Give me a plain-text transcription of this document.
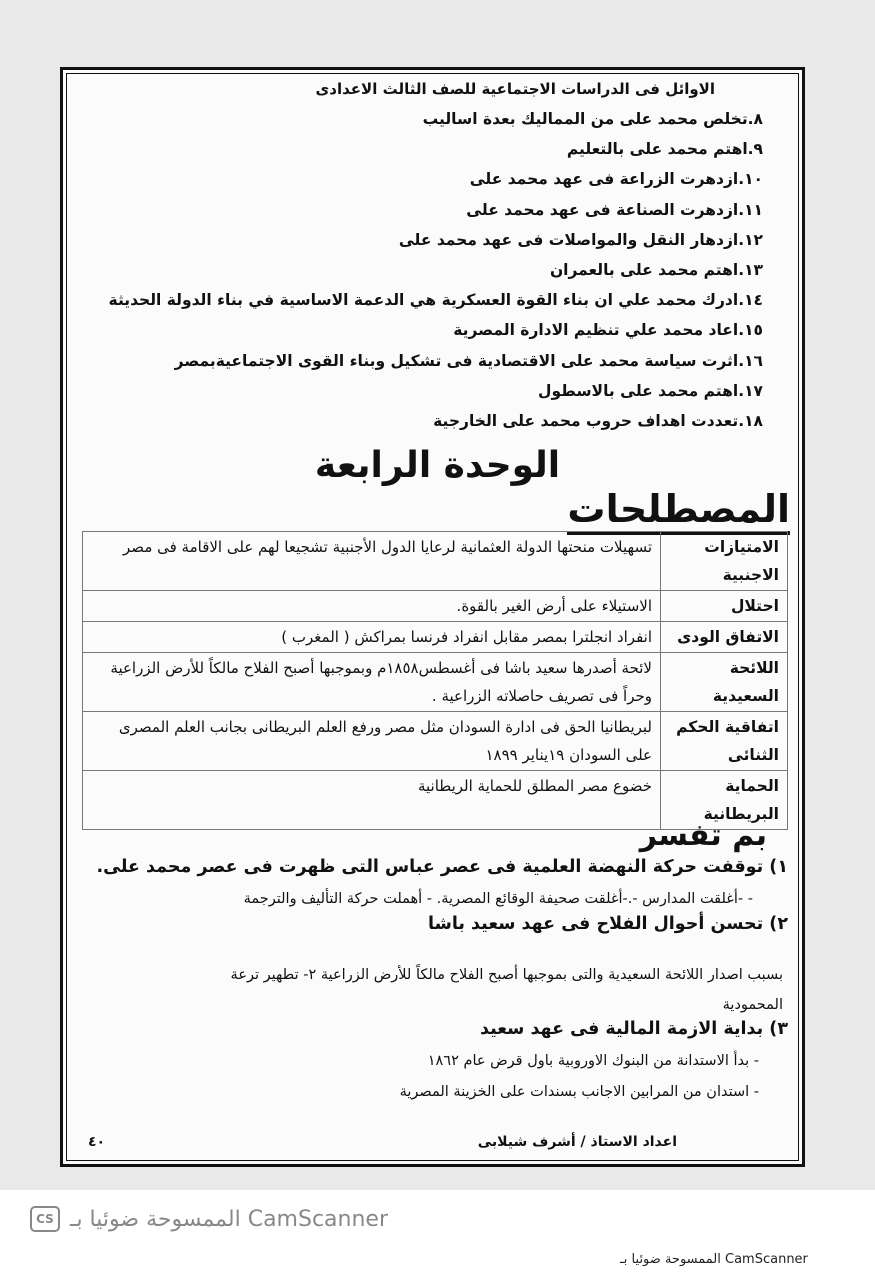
الاوائل فى الدراسات الاجتماعية للصف الثالث الاعدادى
٨.تخلص محمد على من المماليك بعدة اساليب
٩.اهتم محمد على بالتعليم
١٠.ازدهرت الزراعة فى عهد محمد على
١١.ازدهرت الصناعة فى عهد محمد على
١٢.ازدهار النقل والمواصلات فى عهد محمد على
١٣.اهتم محمد على بالعمران
١٤.ادرك محمد علي ان بناء القوة العسكرية هي الدعمة الاساسية في بناء الدولة الحديثة
١٥.اعاد محمد علي تنظيم الادارة المصرية
١٦.اثرت سياسة محمد على الاقتصادية فى تشكيل وبناء القوى الاجتماعيةبمصر
١٧.اهتم محمد على بالاسطول
١٨.تعددت اهداف حروب محمد على الخارجية
الوحدة الرابعة
المصطلحات
الامتيازات الاجنبية	تسهيلات منحتها الدولة العثمانية لرعايا الدول الأجنبية تشجيعا لهم على الاقامة فى مصر
احتلال	الاستيلاء على أرض الغير بالقوة.
الاتفاق الودى	انفراد انجلترا بمصر مقابل انفراد فرنسا بمراكش ( المغرب )
اللائحة السعيدية	لائحة أصدرها سعيد باشا فى أغسطس١٨٥٨م وبموجبها أصبح الفلاح مالكاً للأرض الزراعية وحراً فى تصريف حاصلاته الزراعية .
اتفاقية الحكم الثنائى	لبريطانيا الحق فى ادارة السودان مثل مصر ورفع العلم البريطانى بجانب العلم المصرى على السودان ١٩يناير ١٨٩٩
الحماية البريطانية	خضوع مصر المطلق للحماية الريطانية
بم تفسر
١) توقفت حركة النهضة العلمية فى عصر عباس التى ظهرت فى عصر محمد على.
- -أغلقت المدارس -.-أغلقت صحيفة الوقائع المصرية. - أهملت حركة التأليف والترجمة
٢) تحسن أحوال الفلاح فى عهد سعيد باشا
بسبب اصدار اللائحة السعيدية والتى بموجبها أصبح الفلاح مالكاً للأرض الزراعية ٢- تطهير ترعة
المحمودية
٣) بداية الازمة المالية فى عهد سعيد
- بدأ الاستدانة من البنوك الاوروبية باول قرض عام ١٨٦٢
- استدان من المرابين الاجانب بسندات على الخزينة المصرية
اعداد الاستاذ / أشرف شيلابى
٤٠
CS الممسوحة ضوئيا بـ CamScanner
الممسوحة ضوئيا بـ CamScanner
